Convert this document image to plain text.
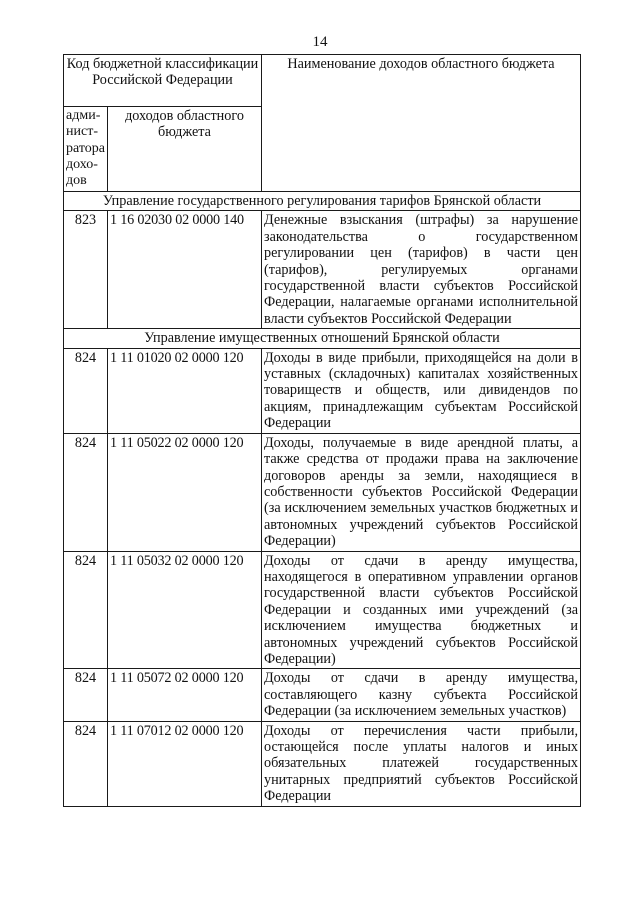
14
Код бюджетной классификации Российской Федерации		Наименование доходов областного бюджета
адми-нист-ратора дохо-дов	доходов областного бюджета	
Управление государственного регулирования тарифов Брянской области		
823	1 16 02030 02 0000 140	Денежные взыскания (штрафы) за нарушение законодательства о государственном регулировании цен (тарифов) в части цен (тарифов), регулируемых органами государственной власти субъектов Российской Федерации, налагаемые органами исполнительной власти субъектов Российской Федерации
Управление имущественных отношений Брянской области		
824	1 11 01020 02 0000 120	Доходы в виде прибыли, приходящейся на доли в уставных (складочных) капиталах хозяйственных товариществ и обществ, или дивидендов по акциям, принадлежащим субъектам Российской Федерации
824	1 11 05022 02 0000 120	Доходы, получаемые в виде арендной платы, а также средства от продажи права на заключение договоров аренды за земли, находящиеся в собственности субъектов Российской Федерации (за исключением земельных участков бюджетных и автономных учреждений субъектов Российской Федерации)
824	1 11 05032 02 0000 120	Доходы от сдачи в аренду имущества, находящегося в оперативном управлении органов государственной власти субъектов Российской Федерации и созданных ими учреждений (за исключением имущества бюджетных и автономных учреждений субъектов Российской Федерации)
824	1 11 05072 02 0000 120	Доходы от сдачи в аренду имущества, составляющего казну субъекта Российской Федерации (за исключением земельных участков)
824	1 11 07012 02 0000 120	Доходы от перечисления части прибыли, остающейся после уплаты налогов и иных обязательных платежей государственных унитарных предприятий субъектов Российской Федерации
